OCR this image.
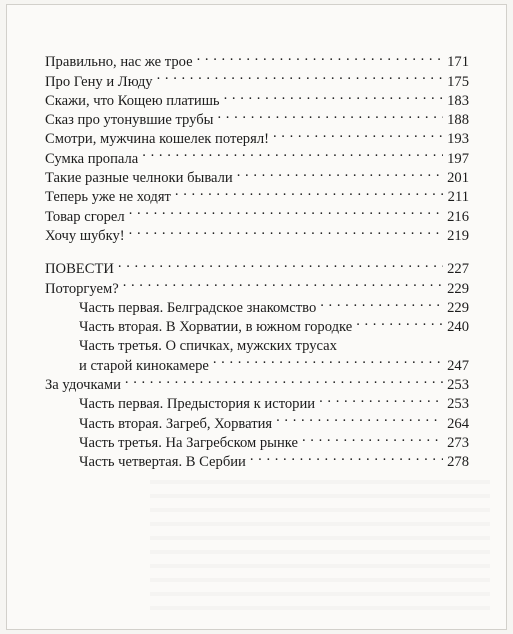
Правильно, нас же трое . . .	171
Про Гену и Люду . . .	175
Скажи, что Кощею платишь . . .	183
Сказ про утонувшие трубы . . .	188
Смотри, мужчина кошелек потерял! . . .	193
Сумка пропала . . .	197
Такие разные челноки бывали . . .	201
Теперь уже не ходят . . .	211
Товар сгорел . . .	216
Хочу шубку! . . .	219
ПОВЕСТИ . . .	227
Поторгуем? . . .	229
Часть первая. Белградское знакомство . . .	229
Часть вторая. В Хорватии, в южном городке . . .	240
Часть третья. О спичках, мужских трусах
и старой кинокамере . . .	247
За удочками . . .	253
Часть первая. Предыстория к истории . . .	253
Часть вторая. Загреб, Хорватия . . .	264
Часть третья. На Загребском рынке . . .	273
Часть четвертая. В Сербии . . .	278
